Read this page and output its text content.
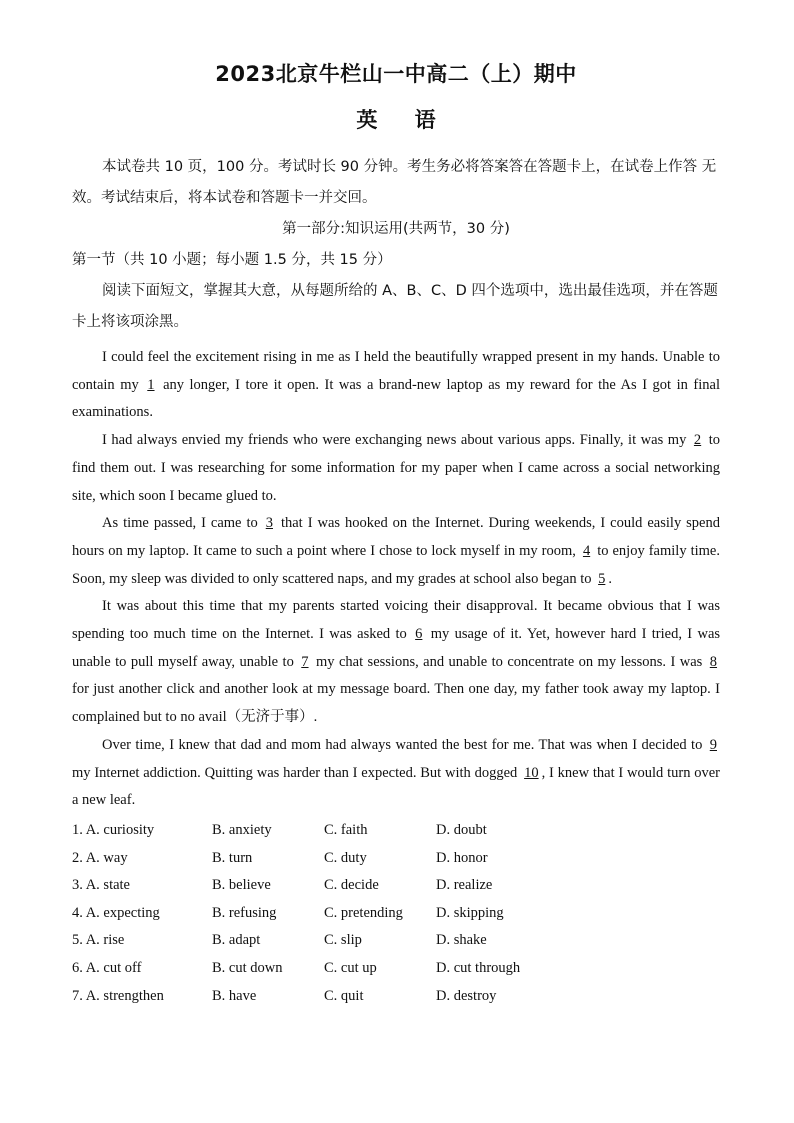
2023北京牛栏山一中高二（上）期中
英 语

本试卷共 10 页，100 分。考试时长 90 分钟。考生务必将答案答在答题卡上，在试卷上作答 无效。考试结束后，将本试卷和答题卡一并交回。

第一部分:知识运用(共两节，30 分)

第一节（共 10 小题；每小题 1.5 分，共 15 分）

阅读下面短文，掌握其大意，从每题所给的 A、B、C、D 四个选项中，选出最佳选项，并在答题卡上将该项涂黑。

I could feel the excitement rising in me as I held the beautifully wrapped present in my hands. Unable to contain my 1 any longer, I tore it open. It was a brand-new laptop as my reward for the As I got in final examinations.

I had always envied my friends who were exchanging news about various apps. Finally, it was my 2 to find them out. I was researching for some information for my paper when I came across a social networking site, which soon I became glued to.

As time passed, I came to 3 that I was hooked on the Internet. During weekends, I could easily spend hours on my laptop. It came to such a point where I chose to lock myself in my room, 4 to enjoy family time. Soon, my sleep was divided to only scattered naps, and my grades at school also began to 5 .

It was about this time that my parents started voicing their disapproval. It became obvious that I was spending too much time on the Internet. I was asked to 6 my usage of it. Yet, however hard I tried, I was unable to pull myself away, unable to 7 my chat sessions, and unable to concentrate on my lessons. I was 8 for just another click and another look at my message board. Then one day, my father took away my laptop. I complained but to no avail（无济于事）.

Over time, I knew that dad and mom had always wanted the best for me. That was when I decided to 9 my Internet addiction. Quitting was harder than I expected. But with dogged 10 , I knew that I would turn over a new leaf.

1. A. curiosity	B. anxiety	C. faith	D. doubt
2. A. way	B. turn	C. duty	D. honor
3. A. state	B. believe	C. decide	D. realize
4. A. expecting	B. refusing	C. pretending	D. skipping
5. A. rise	B. adapt	C. slip	D. shake
6. A. cut off	B. cut down	C. cut up	D. cut through
7. A. strengthen	B. have	C. quit	D. destroy
